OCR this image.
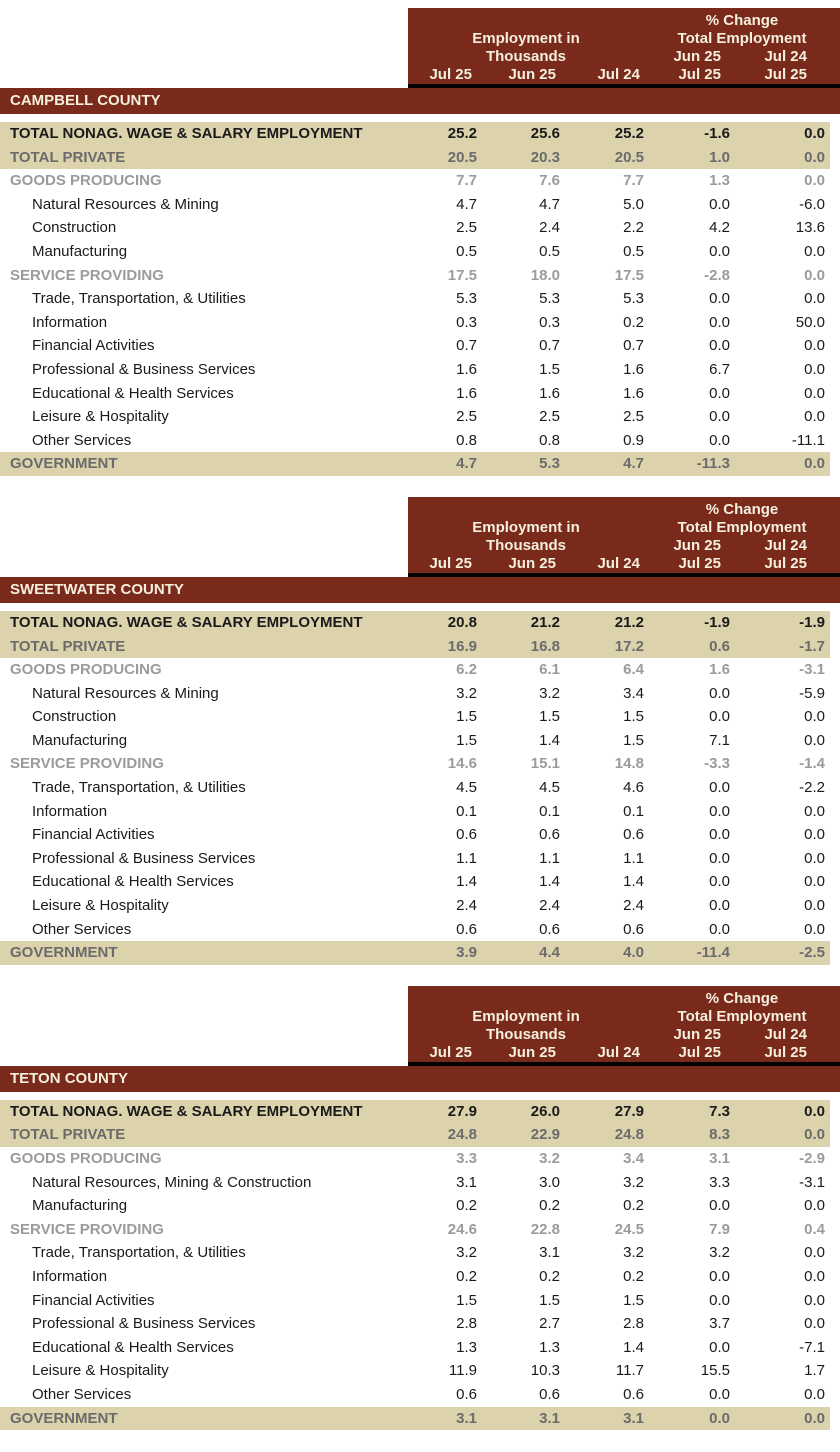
% Change
Employment in	Total Employment
Thousands	Jun 25	Jul 24
Jul 25	Jun 25	Jul 24	Jul 25	Jul 25
CAMPBELL COUNTY
TOTAL NONAG. WAGE & SALARY EMPLOYMENT	25.2	25.6	25.2	-1.6	0.0
TOTAL PRIVATE	20.5	20.3	20.5	1.0	0.0
GOODS PRODUCING	7.7	7.6	7.7	1.3	0.0
Natural Resources & Mining	4.7	4.7	5.0	0.0	-6.0
Construction	2.5	2.4	2.2	4.2	13.6
Manufacturing	0.5	0.5	0.5	0.0	0.0
SERVICE PROVIDING	17.5	18.0	17.5	-2.8	0.0
Trade, Transportation, & Utilities	5.3	5.3	5.3	0.0	0.0
Information	0.3	0.3	0.2	0.0	50.0
Financial Activities	0.7	0.7	0.7	0.0	0.0
Professional & Business Services	1.6	1.5	1.6	6.7	0.0
Educational & Health Services	1.6	1.6	1.6	0.0	0.0
Leisure & Hospitality	2.5	2.5	2.5	0.0	0.0
Other Services	0.8	0.8	0.9	0.0	-11.1
GOVERNMENT	4.7	5.3	4.7	-11.3	0.0
% Change
Employment in	Total Employment
Thousands	Jun 25	Jul 24
Jul 25	Jun 25	Jul 24	Jul 25	Jul 25
SWEETWATER COUNTY
TOTAL NONAG. WAGE & SALARY EMPLOYMENT	20.8	21.2	21.2	-1.9	-1.9
TOTAL PRIVATE	16.9	16.8	17.2	0.6	-1.7
GOODS PRODUCING	6.2	6.1	6.4	1.6	-3.1
Natural Resources & Mining	3.2	3.2	3.4	0.0	-5.9
Construction	1.5	1.5	1.5	0.0	0.0
Manufacturing	1.5	1.4	1.5	7.1	0.0
SERVICE PROVIDING	14.6	15.1	14.8	-3.3	-1.4
Trade, Transportation, & Utilities	4.5	4.5	4.6	0.0	-2.2
Information	0.1	0.1	0.1	0.0	0.0
Financial Activities	0.6	0.6	0.6	0.0	0.0
Professional & Business Services	1.1	1.1	1.1	0.0	0.0
Educational & Health Services	1.4	1.4	1.4	0.0	0.0
Leisure & Hospitality	2.4	2.4	2.4	0.0	0.0
Other Services	0.6	0.6	0.6	0.0	0.0
GOVERNMENT	3.9	4.4	4.0	-11.4	-2.5
% Change
Employment in	Total Employment
Thousands	Jun 25	Jul 24
Jul 25	Jun 25	Jul 24	Jul 25	Jul 25
TETON COUNTY
TOTAL NONAG. WAGE & SALARY EMPLOYMENT	27.9	26.0	27.9	7.3	0.0
TOTAL PRIVATE	24.8	22.9	24.8	8.3	0.0
GOODS PRODUCING	3.3	3.2	3.4	3.1	-2.9
Natural Resources, Mining & Construction	3.1	3.0	3.2	3.3	-3.1
Manufacturing	0.2	0.2	0.2	0.0	0.0
SERVICE PROVIDING	24.6	22.8	24.5	7.9	0.4
Trade, Transportation, & Utilities	3.2	3.1	3.2	3.2	0.0
Information	0.2	0.2	0.2	0.0	0.0
Financial Activities	1.5	1.5	1.5	0.0	0.0
Professional & Business Services	2.8	2.7	2.8	3.7	0.0
Educational & Health Services	1.3	1.3	1.4	0.0	-7.1
Leisure & Hospitality	11.9	10.3	11.7	15.5	1.7
Other Services	0.6	0.6	0.6	0.0	0.0
GOVERNMENT	3.1	3.1	3.1	0.0	0.0
